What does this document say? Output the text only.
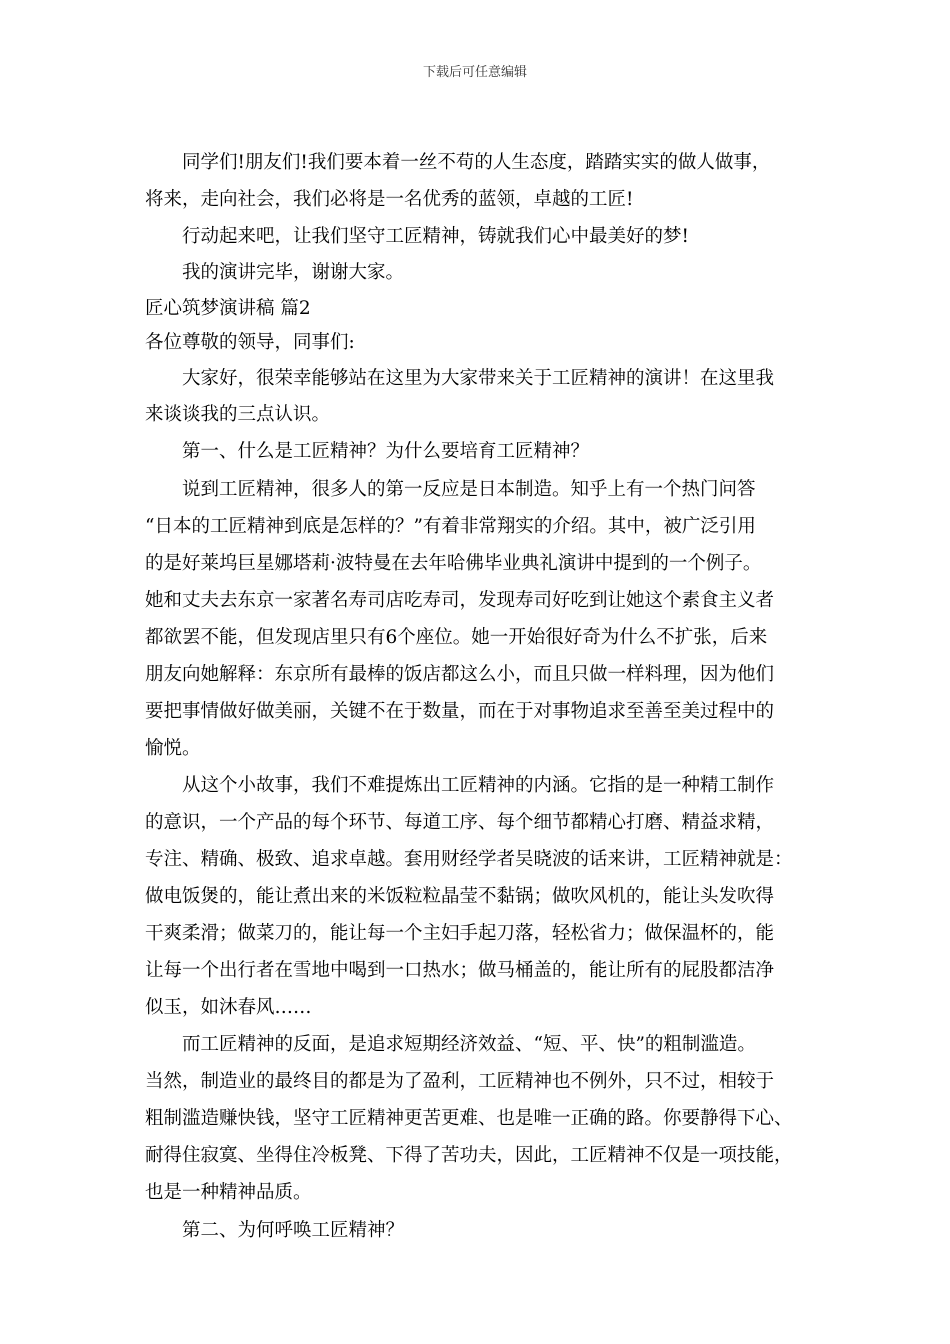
下载后可任意编辑
同学们!朋友们!我们要本着一丝不苟的人生态度，踏踏实实的做人做事，
将来，走向社会，我们必将是一名优秀的蓝领，卓越的工匠!
行动起来吧，让我们坚守工匠精神，铸就我们心中最美好的梦!
我的演讲完毕，谢谢大家。
匠心筑梦演讲稿 篇2
各位尊敬的领导，同事们:
大家好，很荣幸能够站在这里为大家带来关于工匠精神的演讲！在这里我
来谈谈我的三点认识。
第一、什么是工匠精神？为什么要培育工匠精神？
说到工匠精神，很多人的第一反应是日本制造。知乎上有一个热门问答
“日本的工匠精神到底是怎样的？”有着非常翔实的介绍。其中，被广泛引用
的是好莱坞巨星娜塔莉·波特曼在去年哈佛毕业典礼演讲中提到的一个例子。
她和丈夫去东京一家著名寿司店吃寿司，发现寿司好吃到让她这个素食主义者
都欲罢不能，但发现店里只有6个座位。她一开始很好奇为什么不扩张，后来
朋友向她解释：东京所有最棒的饭店都这么小，而且只做一样料理，因为他们
要把事情做好做美丽，关键不在于数量，而在于对事物追求至善至美过程中的
愉悦。
从这个小故事，我们不难提炼出工匠精神的内涵。它指的是一种精工制作
的意识，一个产品的每个环节、每道工序、每个细节都精心打磨、精益求精，
专注、精确、极致、追求卓越。套用财经学者吴晓波的话来讲，工匠精神就是：
做电饭煲的，能让煮出来的米饭粒粒晶莹不黏锅；做吹风机的，能让头发吹得
干爽柔滑；做菜刀的，能让每一个主妇手起刀落，轻松省力；做保温杯的，能
让每一个出行者在雪地中喝到一口热水；做马桶盖的，能让所有的屁股都洁净
似玉，如沐春风……
而工匠精神的反面，是追求短期经济效益、“短、平、快”的粗制滥造。
当然，制造业的最终目的都是为了盈利，工匠精神也不例外，只不过，相较于
粗制滥造赚快钱，坚守工匠精神更苦更难、也是唯一正确的路。你要静得下心、
耐得住寂寞、坐得住冷板凳、下得了苦功夫，因此，工匠精神不仅是一项技能，
也是一种精神品质。
第二、为何呼唤工匠精神？
